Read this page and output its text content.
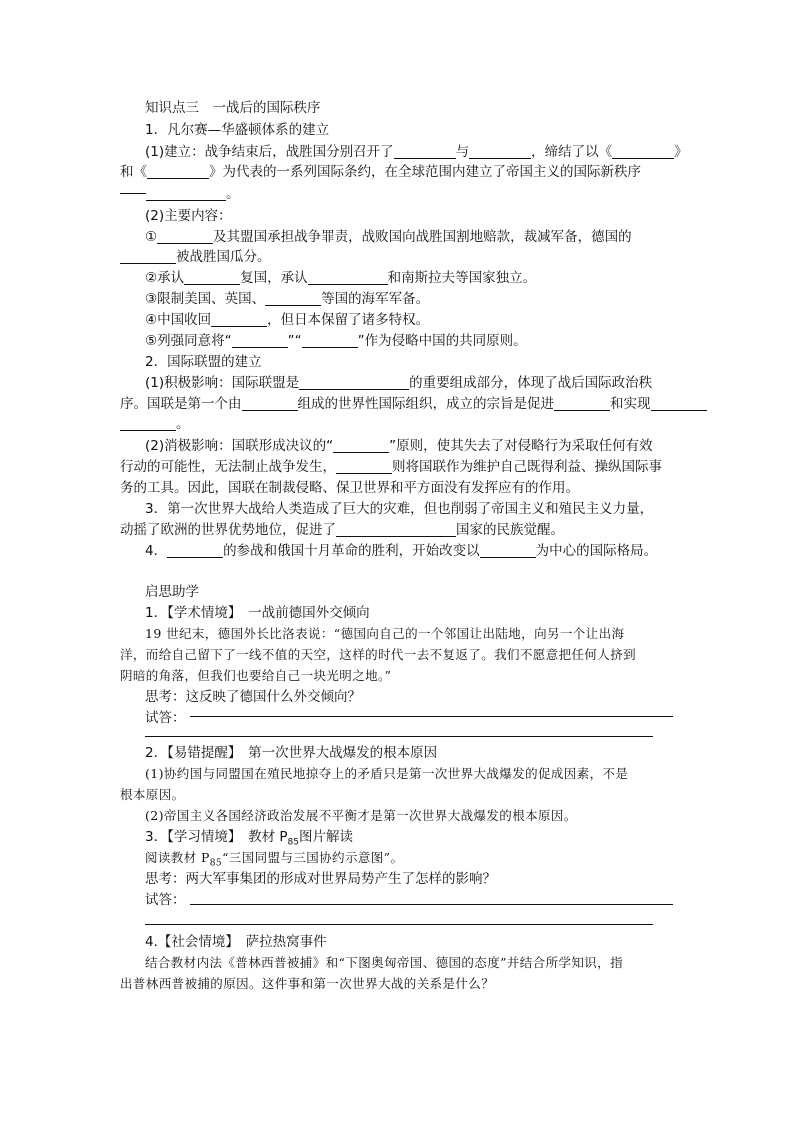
知识点三　一战后的国际秩序
1．凡尔赛—华盛顿体系的建立
(1)建立：战争结束后，战胜国分别召开了	与	，缔结了以《	》
和《	》为代表的一系列国际条约，在全球范围内建立了帝国主义的国际新秩序
。
(2)主要内容：
①	及其盟国承担战争罪责，战败国向战胜国割地赔款，裁减军备，德国的
被战胜国瓜分。
②承认	复国，承认	和南斯拉夫等国家独立。
③限制美国、英国、	等国的海军军备。
④中国收回	，但日本保留了诸多特权。
⑤列强同意将“	”“	”作为侵略中国的共同原则。
2．国际联盟的建立
(1)积极影响：国际联盟是	的重要组成部分，体现了战后国际政治秩
序。国联是第一个由	组成的世界性国际组织，成立的宗旨是促进	和实现
。
(2)消极影响：国联形成决议的“	”原则，使其失去了对侵略行为采取任何有效
行动的可能性，无法制止战争发生，	则将国联作为维护自己既得利益、操纵国际事
务的工具。因此，国联在制裁侵略、保卫世界和平方面没有发挥应有的作用。
3．第一次世界大战给人类造成了巨大的灾难，但也削弱了帝国主义和殖民主义力量，
动摇了欧洲的世界优势地位，促进了	国家的民族觉醒。
4．	的参战和俄国十月革命的胜利，开始改变以	为中心的国际格局。
启思助学
1．【学术情境】　一战前德国外交倾向
19 世纪末，德国外长比洛表说：“德国向自己的一个邻国让出陆地，向另一个让出海
洋，而给自己留下了一线不值的天空，这样的时代一去不复返了。我们不愿意把任何人挤到
阴暗的角落，但我们也要给自己一块光明之地。”
思考：这反映了德国什么外交倾向？
试答：
2．【易错提醒】　第一次世界大战爆发的根本原因
(1)协约国与同盟国在殖民地掠夺上的矛盾只是第一次世界大战爆发的促成因素，不是
根本原因。
(2)帝国主义各国经济政治发展不平衡才是第一次世界大战爆发的根本原因。
3．【学习情境】　教材 $P_{85}$图片解读
阅读教材 $P_{85}“$三国同盟与三国协约示意图”。
思考：两大军事集团的形成对世界局势产生了怎样的影响？
试答：
4.【社会情境】　萨拉热窝事件
结合教材内法《普林西普被捕》和“下图奥匈帝国、德国的态度”并结合所学知识，指
出普林西普被捕的原因。这件事和第一次世界大战的关系是什么？
